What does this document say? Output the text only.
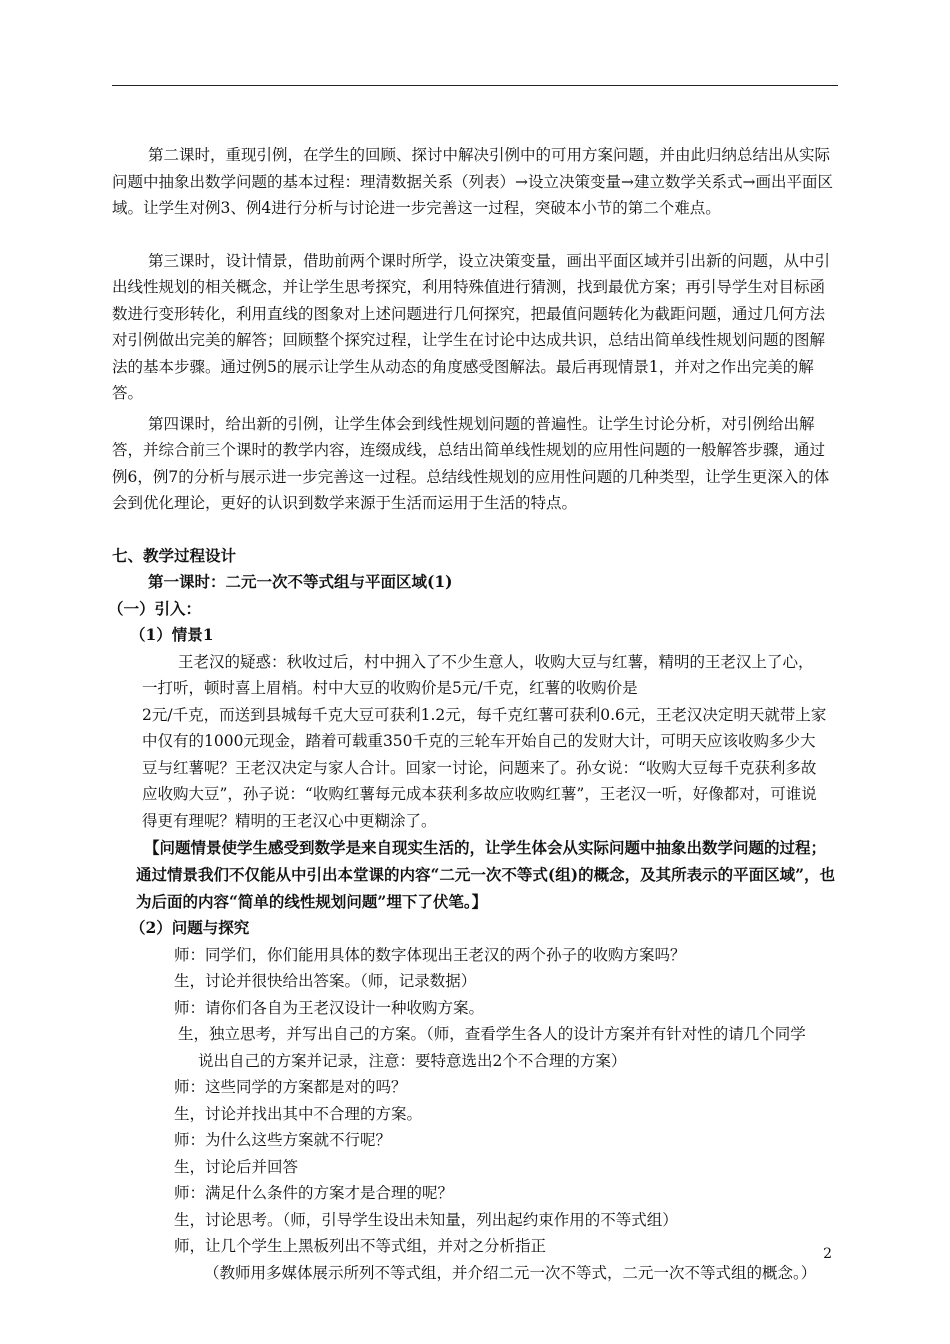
第二课时，重现引例，在学生的回顾、探讨中解决引例中的可用方案问题，并由此归纳总结出从实际问题中抽象出数学问题的基本过程：理清数据关系（列表）→设立决策变量→建立数学关系式→画出平面区域。让学生对例3、例4进行分析与讨论进一步完善这一过程，突破本小节的第二个难点。

第三课时，设计情景，借助前两个课时所学，设立决策变量，画出平面区域并引出新的问题，从中引出线性规划的相关概念，并让学生思考探究，利用特殊值进行猜测，找到最优方案；再引导学生对目标函数进行变形转化，利用直线的图象对上述问题进行几何探究，把最值问题转化为截距问题，通过几何方法对引例做出完美的解答；回顾整个探究过程，让学生在讨论中达成共识，总结出简单线性规划问题的图解法的基本步骤。通过例5的展示让学生从动态的角度感受图解法。最后再现情景1，并对之作出完美的解答。

第四课时，给出新的引例，让学生体会到线性规划问题的普遍性。让学生讨论分析，对引例给出解答，并综合前三个课时的教学内容，连缀成线，总结出简单线性规划的应用性问题的一般解答步骤，通过例6，例7的分析与展示进一步完善这一过程。总结线性规划的应用性问题的几种类型，让学生更深入的体会到优化理论，更好的认识到数学来源于生活而运用于生活的特点。

七、教学过程设计

第一课时：二元一次不等式组与平面区域(1)

（一）引入：

（1）情景1

王老汉的疑惑：秋收过后，村中拥入了不少生意人，收购大豆与红薯，精明的王老汉上了心，

一打听，顿时喜上眉梢。村中大豆的收购价是5元/千克，红薯的收购价是

2元/千克，而送到县城每千克大豆可获利1.2元，每千克红薯可获利0.6元，王老汉决定明天就带上家中仅有的1000元现金，踏着可载重350千克的三轮车开始自己的发财大计，可明天应该收购多少大豆与红薯呢？王老汉决定与家人合计。回家一讨论，问题来了。孙女说：“收购大豆每千克获利多故应收购大豆”，孙子说：“收购红薯每元成本获利多故应收购红薯”，王老汉一听，好像都对，可谁说得更有理呢？精明的王老汉心中更糊涂了。

【问题情景使学生感受到数学是来自现实生活的，让学生体会从实际问题中抽象出数学问题的过程；通过情景我们不仅能从中引出本堂课的内容“二元一次不等式(组)的概念，及其所表示的平面区域”，也为后面的内容“简单的线性规划问题”埋下了伏笔。】

（2）问题与探究

师：同学们，你们能用具体的数字体现出王老汉的两个孙子的收购方案吗？

生，讨论并很快给出答案。（师，记录数据）

师：请你们各自为王老汉设计一种收购方案。

生，独立思考，并写出自己的方案。（师，查看学生各人的设计方案并有针对性的请几个同学
说出自己的方案并记录，注意：要特意选出2个不合理的方案）

师：这些同学的方案都是对的吗？

生，讨论并找出其中不合理的方案。

师：为什么这些方案就不行呢？

生，讨论后并回答

师：满足什么条件的方案才是合理的呢？

生，讨论思考。（师，引导学生设出未知量，列出起约束作用的不等式组）

师，让几个学生上黑板列出不等式组，并对之分析指正

（教师用多媒体展示所列不等式组，并介绍二元一次不等式，二元一次不等式组的概念。）

2
